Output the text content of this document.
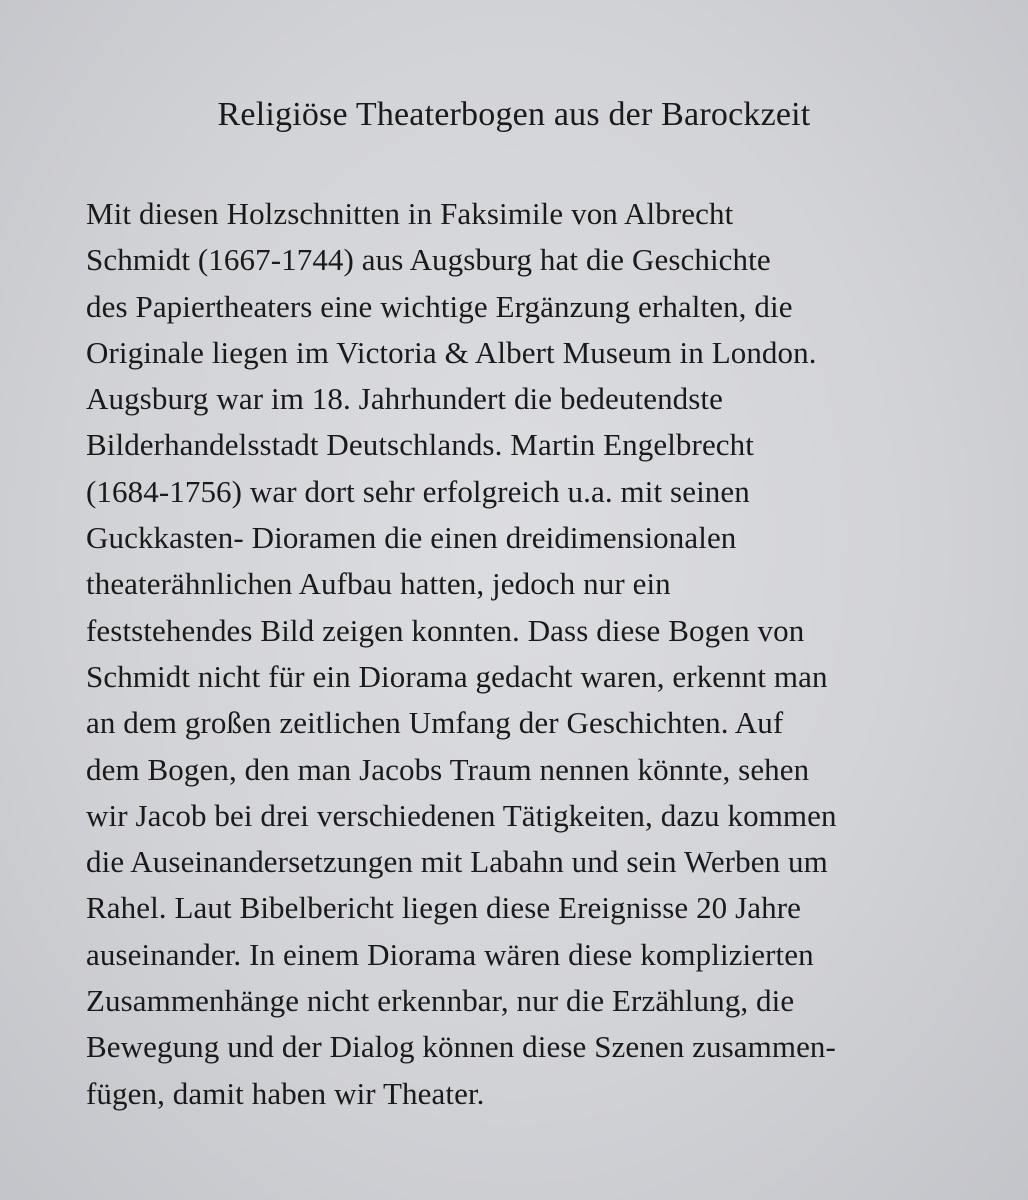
Religiöse Theaterbogen aus der Barockzeit
Mit diesen Holzschnitten in Faksimile von Albrecht
Schmidt (1667-1744) aus Augsburg hat die Geschichte
des Papiertheaters eine wichtige Ergänzung erhalten, die
Originale liegen im Victoria & Albert Museum in London.
Augsburg war im 18. Jahrhundert die bedeutendste
Bilderhandelsstadt Deutschlands. Martin Engelbrecht
(1684-1756) war dort sehr erfolgreich u.a. mit seinen
Guckkasten- Dioramen die einen dreidimensionalen
theaterähnlichen Aufbau hatten, jedoch nur ein
feststehendes Bild zeigen konnten. Dass diese Bogen von
Schmidt nicht für ein Diorama gedacht waren, erkennt man
an dem großen zeitlichen Umfang der Geschichten. Auf
dem Bogen, den man Jacobs Traum nennen könnte, sehen
wir Jacob bei drei verschiedenen Tätigkeiten, dazu kommen
die Auseinandersetzungen mit Labahn und sein Werben um
Rahel. Laut Bibelbericht liegen diese Ereignisse 20 Jahre
auseinander. In einem Diorama wären diese komplizierten
Zusammenhänge nicht erkennbar, nur die Erzählung, die
Bewegung und der Dialog können diese Szenen zusammen-
fügen, damit haben wir Theater.
